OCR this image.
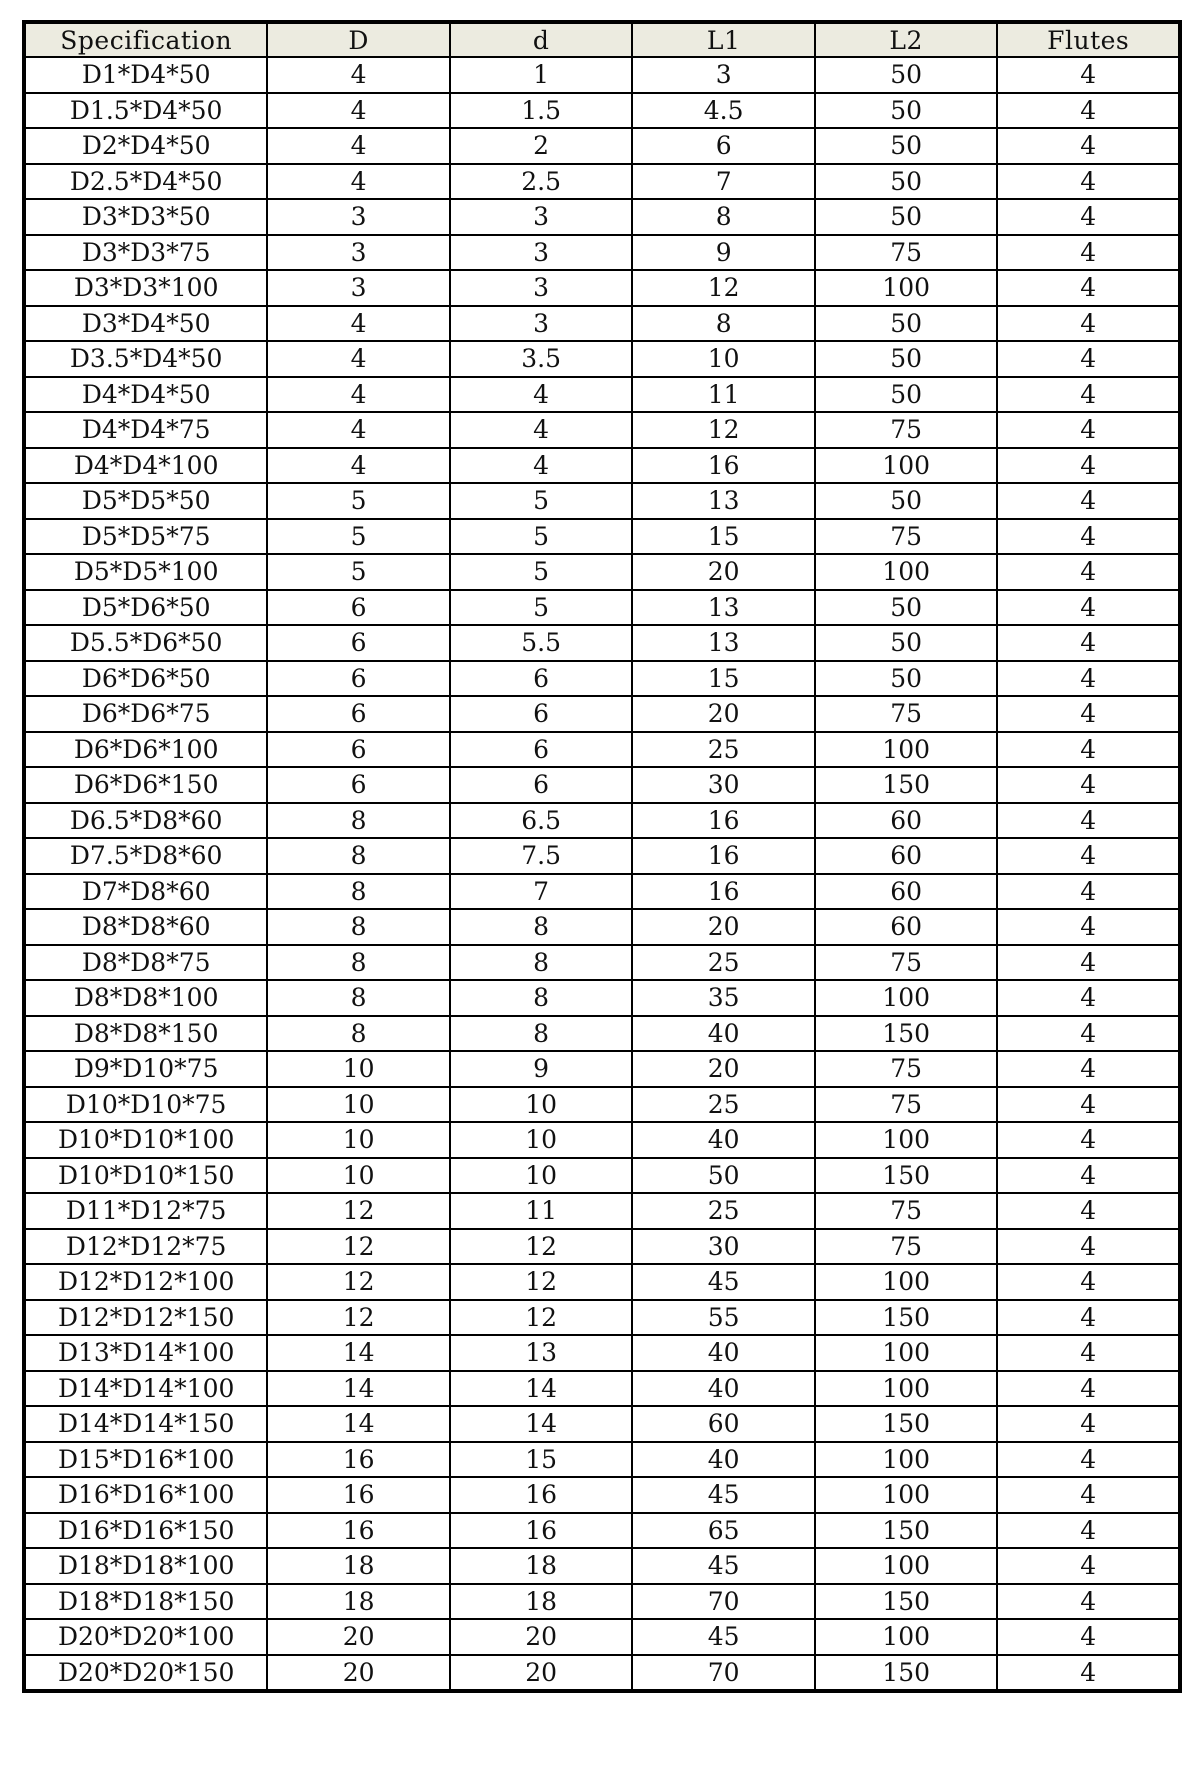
Specification	D	d	L1	L2	Flutes
D1*D4*50	4	1	3	50	4
D1.5*D4*50	4	1.5	4.5	50	4
D2*D4*50	4	2	6	50	4
D2.5*D4*50	4	2.5	7	50	4
D3*D3*50	3	3	8	50	4
D3*D3*75	3	3	9	75	4
D3*D3*100	3	3	12	100	4
D3*D4*50	4	3	8	50	4
D3.5*D4*50	4	3.5	10	50	4
D4*D4*50	4	4	11	50	4
D4*D4*75	4	4	12	75	4
D4*D4*100	4	4	16	100	4
D5*D5*50	5	5	13	50	4
D5*D5*75	5	5	15	75	4
D5*D5*100	5	5	20	100	4
D5*D6*50	6	5	13	50	4
D5.5*D6*50	6	5.5	13	50	4
D6*D6*50	6	6	15	50	4
D6*D6*75	6	6	20	75	4
D6*D6*100	6	6	25	100	4
D6*D6*150	6	6	30	150	4
D6.5*D8*60	8	6.5	16	60	4
D7.5*D8*60	8	7.5	16	60	4
D7*D8*60	8	7	16	60	4
D8*D8*60	8	8	20	60	4
D8*D8*75	8	8	25	75	4
D8*D8*100	8	8	35	100	4
D8*D8*150	8	8	40	150	4
D9*D10*75	10	9	20	75	4
D10*D10*75	10	10	25	75	4
D10*D10*100	10	10	40	100	4
D10*D10*150	10	10	50	150	4
D11*D12*75	12	11	25	75	4
D12*D12*75	12	12	30	75	4
D12*D12*100	12	12	45	100	4
D12*D12*150	12	12	55	150	4
D13*D14*100	14	13	40	100	4
D14*D14*100	14	14	40	100	4
D14*D14*150	14	14	60	150	4
D15*D16*100	16	15	40	100	4
D16*D16*100	16	16	45	100	4
D16*D16*150	16	16	65	150	4
D18*D18*100	18	18	45	100	4
D18*D18*150	18	18	70	150	4
D20*D20*100	20	20	45	100	4
D20*D20*150	20	20	70	150	4
